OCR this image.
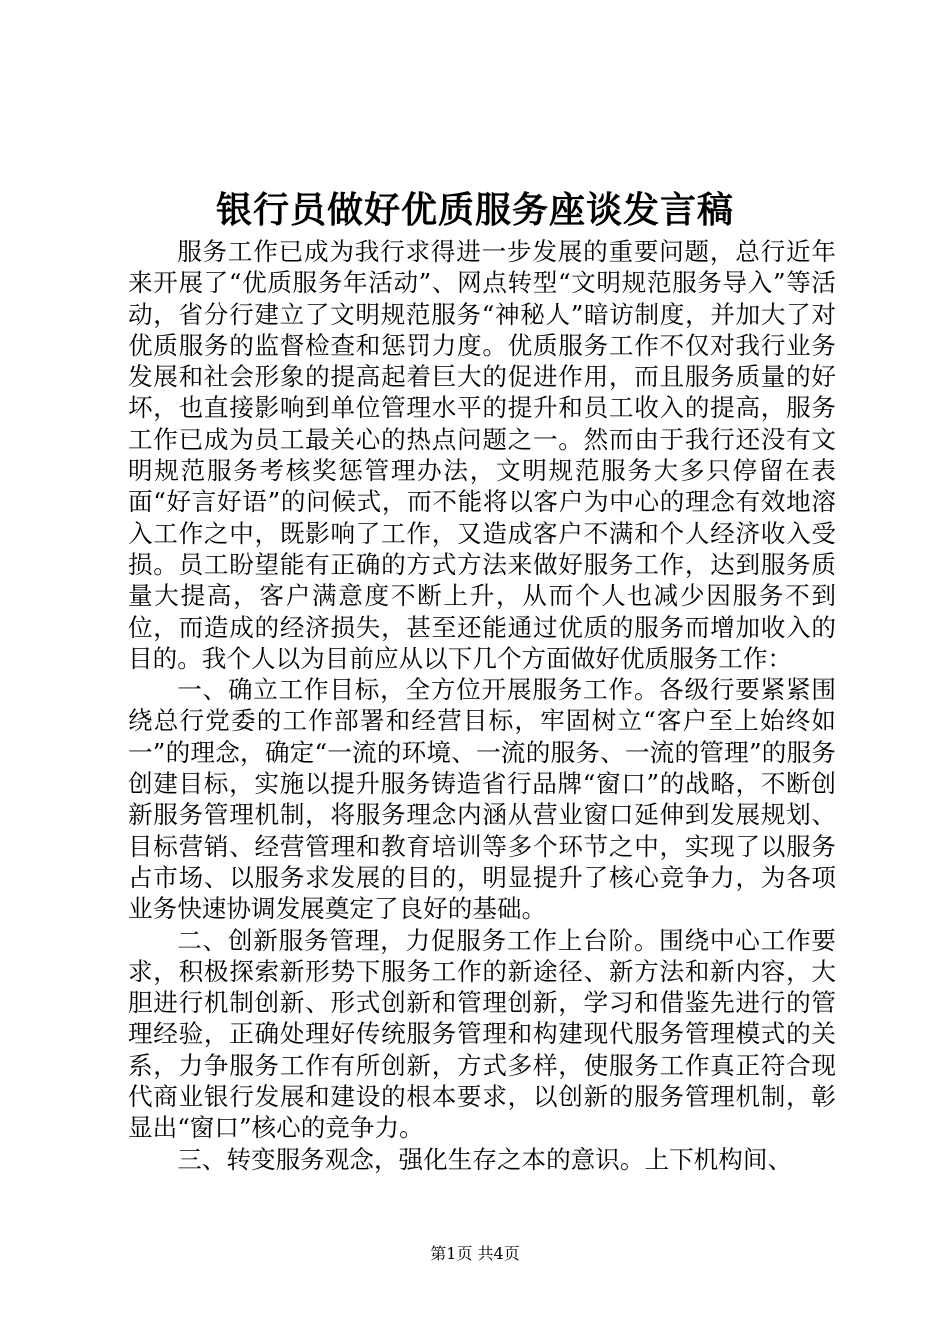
银行员做好优质服务座谈发言稿

服务工作已成为我行求得进一步发展的重要问题，总行近年来开展了“优质服务年活动”、网点转型“文明规范服务导入”等活动，省分行建立了文明规范服务“神秘人”暗访制度，并加大了对优质服务的监督检查和惩罚力度。优质服务工作不仅对我行业务发展和社会形象的提高起着巨大的促进作用，而且服务质量的好坏，也直接影响到单位管理水平的提升和员工收入的提高，服务工作已成为员工最关心的热点问题之一。然而由于我行还没有文明规范服务考核奖惩管理办法，文明规范服务大多只停留在表面“好言好语”的问候式，而不能将以客户为中心的理念有效地溶入工作之中，既影响了工作，又造成客户不满和个人经济收入受损。员工盼望能有正确的方式方法来做好服务工作，达到服务质量大提高，客户满意度不断上升，从而个人也减少因服务不到位，而造成的经济损失，甚至还能通过优质的服务而增加收入的目的。我个人以为目前应从以下几个方面做好优质服务工作：

一、确立工作目标，全方位开展服务工作。各级行要紧紧围绕总行党委的工作部署和经营目标，牢固树立“客户至上始终如一”的理念，确定“一流的环境、一流的服务、一流的管理”的服务创建目标，实施以提升服务铸造省行品牌“窗口”的战略，不断创新服务管理机制，将服务理念内涵从营业窗口延伸到发展规划、目标营销、经营管理和教育培训等多个环节之中，实现了以服务占市场、以服务求发展的目的，明显提升了核心竞争力，为各项业务快速协调发展奠定了良好的基础。

二、创新服务管理，力促服务工作上台阶。围绕中心工作要求，积极探索新形势下服务工作的新途径、新方法和新内容，大胆进行机制创新、形式创新和管理创新，学习和借鉴先进行的管理经验，正确处理好传统服务管理和构建现代服务管理模式的关系，力争服务工作有所创新，方式多样，使服务工作真正符合现代商业银行发展和建设的根本要求，以创新的服务管理机制，彰显出“窗口”核心的竞争力。

三、转变服务观念，强化生存之本的意识。上下机构间、

第1页 共4页
